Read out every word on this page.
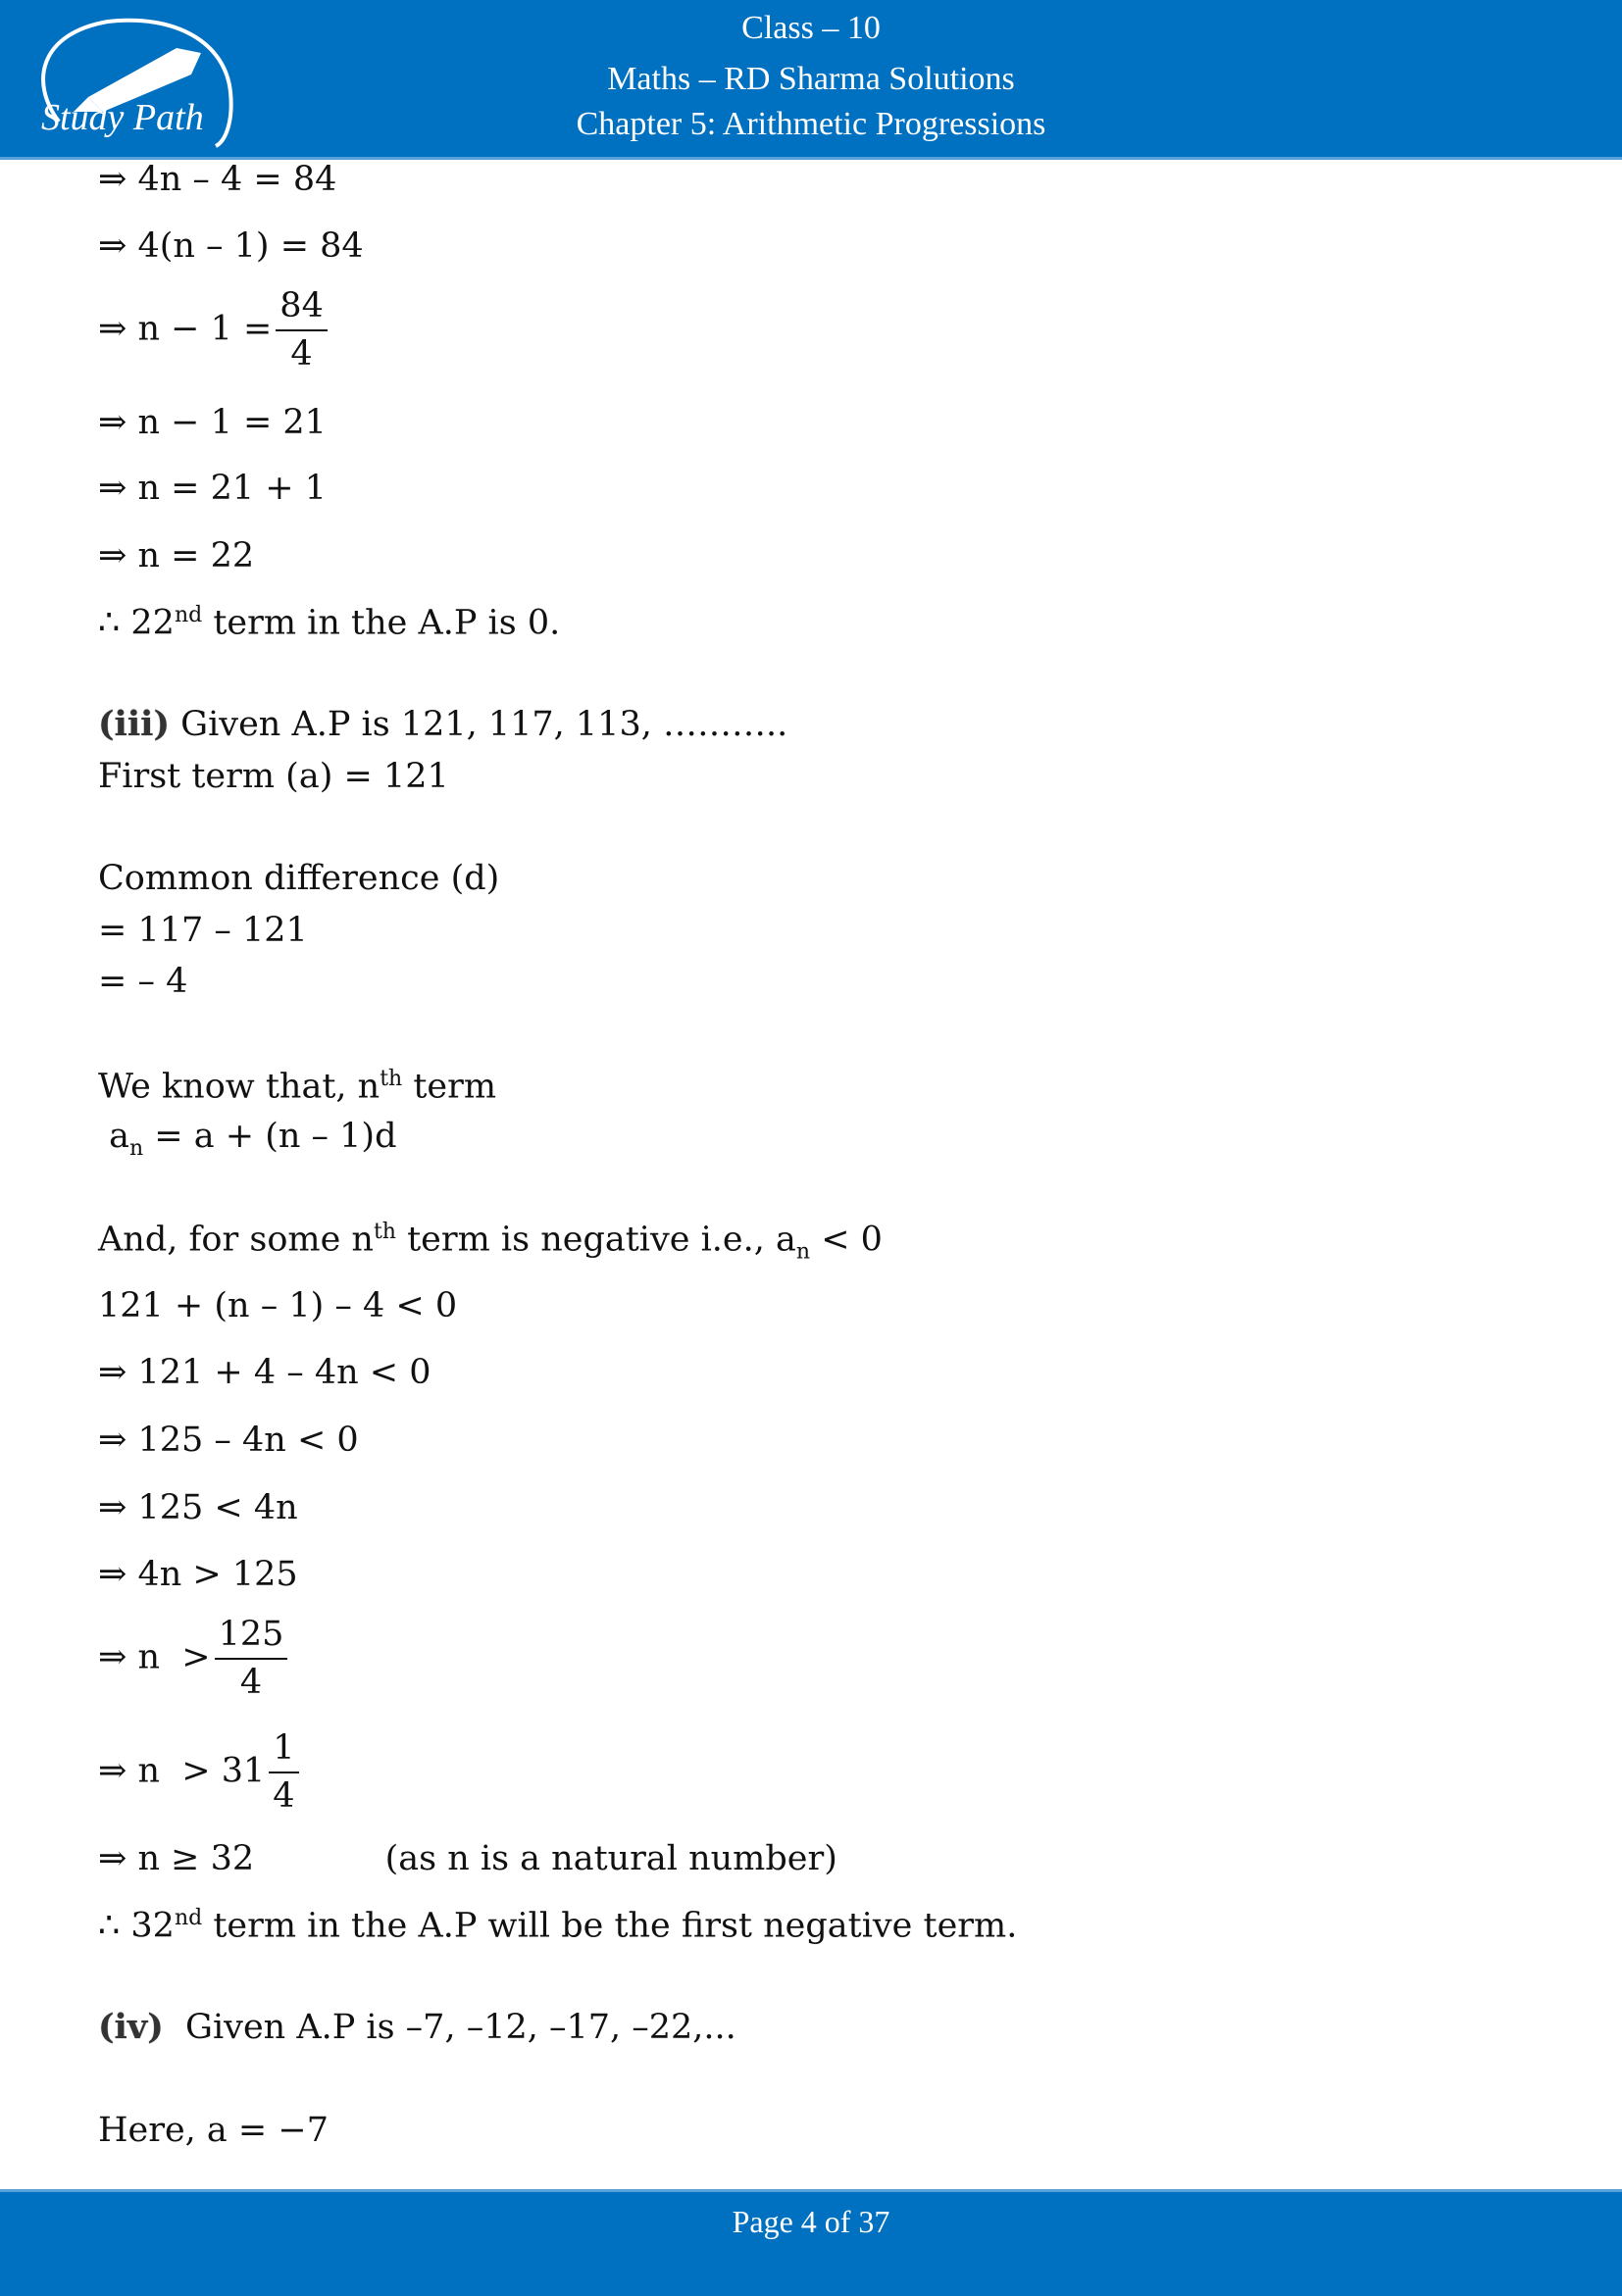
Study Path
Class – 10
Maths – RD Sharma Solutions
Chapter 5: Arithmetic Progressions
⇒ 4n – 4 = 84
⇒ 4(n – 1) = 84
⇒ $n - 1 = \frac{84}{4}$
⇒ n − 1 = 21
⇒ n = 21 + 1
⇒ n = 22
∴ 22nd term in the A.P is 0.
(iii) Given A.P is 121, 117, 113, ………..
First term (a) = 121
Common difference (d)
= 117 – 121
= – 4
We know that, $n^{th}$ term
$a_n = a + (n - 1)d$
And, for some $n^{th}$ term is negative i.e., $a_n < 0$
121 + (n – 1) – 4 < 0
⇒ 121 + 4 – 4n < 0
⇒ 125 – 4n < 0
⇒ 125 < 4n
⇒ 4n > 125
⇒ $n > \frac{125}{4}$
⇒ $n > 31 \frac{1}{4}$
⇒ n ≥ 32            (as n is a natural number)
∴ 32nd term in the A.P will be the first negative term.
(iv)  Given A.P is –7, –12, –17, –22,...
Here, a = −7
Page 4 of 37
